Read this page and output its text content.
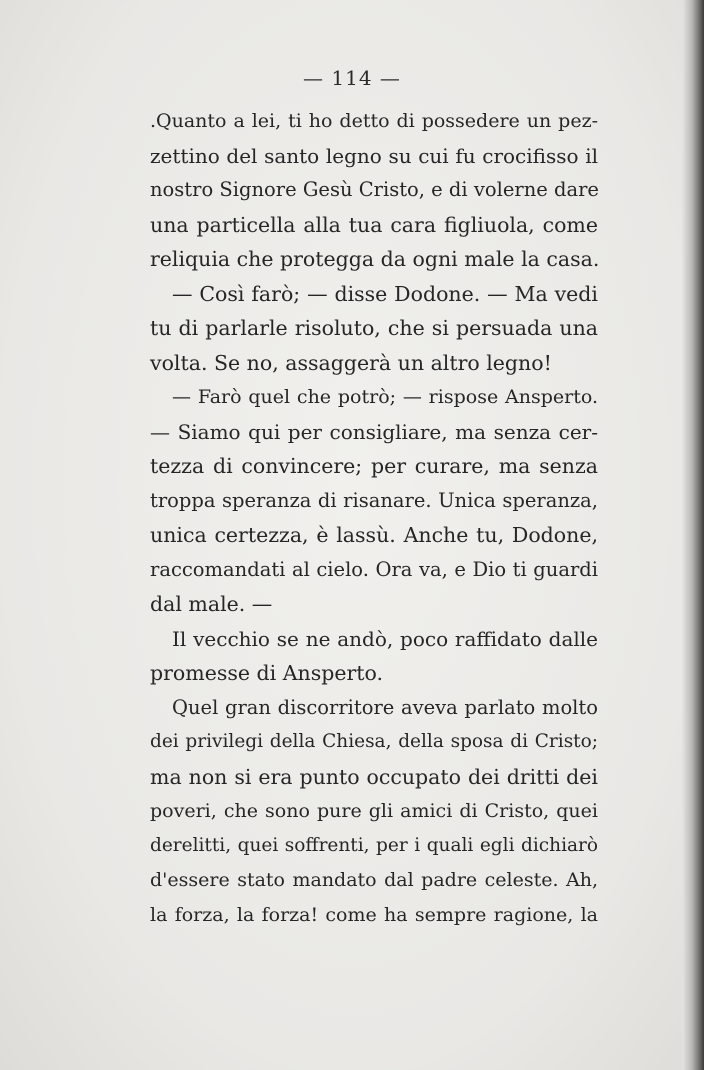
— 114 —
.Quanto a lei, ti ho detto di possedere un pez-
zettino del santo legno su cui fu crocifisso il
nostro Signore Gesù Cristo, e di volerne dare
una particella alla tua cara figliuola, come
reliquia che protegga da ogni male la casa.
— Così farò; — disse Dodone. — Ma vedi
tu di parlarle risoluto, che si persuada una
volta. Se no, assaggerà un altro legno!
— Farò quel che potrò; — rispose Ansperto.
— Siamo qui per consigliare, ma senza cer-
tezza di convincere; per curare, ma senza
troppa speranza di risanare. Unica speranza,
unica certezza, è lassù. Anche tu, Dodone,
raccomandati al cielo. Ora va, e Dio ti guardi
dal male. —
Il vecchio se ne andò, poco raffidato dalle
promesse di Ansperto.
Quel gran discorritore aveva parlato molto
dei privilegi della Chiesa, della sposa di Cristo;
ma non si era punto occupato dei dritti dei
poveri, che sono pure gli amici di Cristo, quei
derelitti, quei soffrenti, per i quali egli dichiarò
d'essere stato mandato dal padre celeste. Ah,
la forza, la forza! come ha sempre ragione, la
